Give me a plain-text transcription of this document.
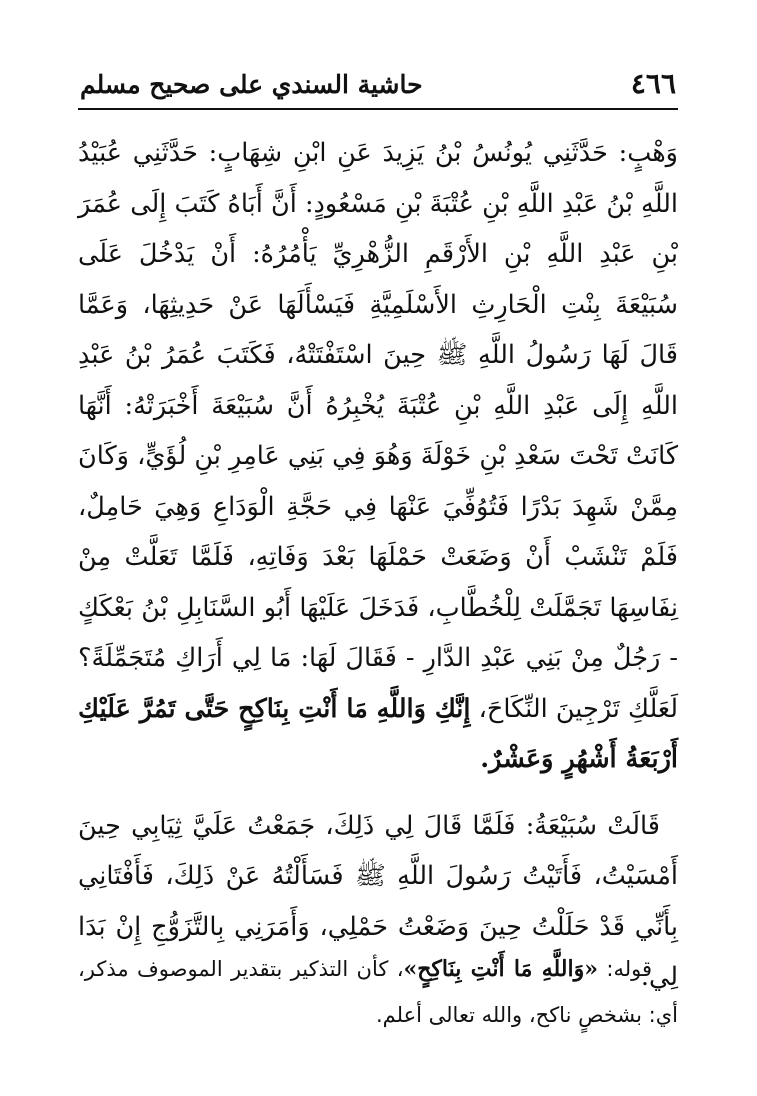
٤٦٦
حاشية السندي على صحيح مسلم

وَهْبٍ: حَدَّثَنِي يُونُسُ بْنُ يَزِيدَ عَنِ ابْنِ شِهَابٍ: حَدَّثَنِي عُبَيْدُ اللَّهِ بْنُ عَبْدِ اللَّهِ بْنِ عُتْبَةَ بْنِ مَسْعُودٍ: أَنَّ أَبَاهُ كَتَبَ إِلَى عُمَرَ بْنِ عَبْدِ اللَّهِ بْنِ الأَرْقَمِ الزُّهْرِيِّ يَأْمُرُهُ: أَنْ يَدْخُلَ عَلَى سُبَيْعَةَ بِنْتِ الْحَارِثِ الأَسْلَمِيَّةِ فَيَسْأَلَهَا عَنْ حَدِيثِهَا، وَعَمَّا قَالَ لَهَا رَسُولُ اللَّهِ ﷺ حِينَ اسْتَفْتَتْهُ، فَكَتَبَ عُمَرُ بْنُ عَبْدِ اللَّهِ إِلَى عَبْدِ اللَّهِ بْنِ عُتْبَةَ يُخْبِرُهُ أَنَّ سُبَيْعَةَ أَخْبَرَتْهُ: أَنَّهَا كَانَتْ تَحْتَ سَعْدِ بْنِ خَوْلَةَ وَهُوَ فِي بَنِي عَامِرِ بْنِ لُؤَيٍّ، وَكَانَ مِمَّنْ شَهِدَ بَدْرًا فَتُوُفِّيَ عَنْهَا فِي حَجَّةِ الْوَدَاعِ وَهِيَ حَامِلٌ، فَلَمْ تَنْشَبْ أَنْ وَضَعَتْ حَمْلَهَا بَعْدَ وَفَاتِهِ، فَلَمَّا تَعَلَّتْ مِنْ نِفَاسِهَا تَجَمَّلَتْ لِلْخُطَّابِ، فَدَخَلَ عَلَيْهَا أَبُو السَّنَابِلِ بْنُ بَعْكَكٍ - رَجُلٌ مِنْ بَنِي عَبْدِ الدَّارِ - فَقَالَ لَهَا: مَا لِي أَرَاكِ مُتَجَمِّلَةً؟ لَعَلَّكِ تَرْجِينَ النِّكَاحَ، إِنَّكِ وَاللَّهِ مَا أَنْتِ بِنَاكِحٍ حَتَّى تَمُرَّ عَلَيْكِ أَرْبَعَةُ أَشْهُرٍ وَعَشْرٌ.

قَالَتْ سُبَيْعَةُ: فَلَمَّا قَالَ لِي ذَلِكَ، جَمَعْتُ عَلَيَّ ثِيَابِي حِينَ أَمْسَيْتُ، فَأَتَيْتُ رَسُولَ اللَّهِ ﷺ فَسَأَلْتُهُ عَنْ ذَلِكَ، فَأَفْتَانِي بِأَنِّي قَدْ حَلَلْتُ حِينَ وَضَعْتُ حَمْلِي، وَأَمَرَنِي بِالتَّزَوُّجِ إِنْ بَدَا لِي.

قوله: «وَاللَّهِ مَا أَنْتِ بِنَاكِحٍ»، كأن التذكير بتقدير الموصوف مذكر، أي: بشخصٍ ناكح، والله تعالى أعلم.
